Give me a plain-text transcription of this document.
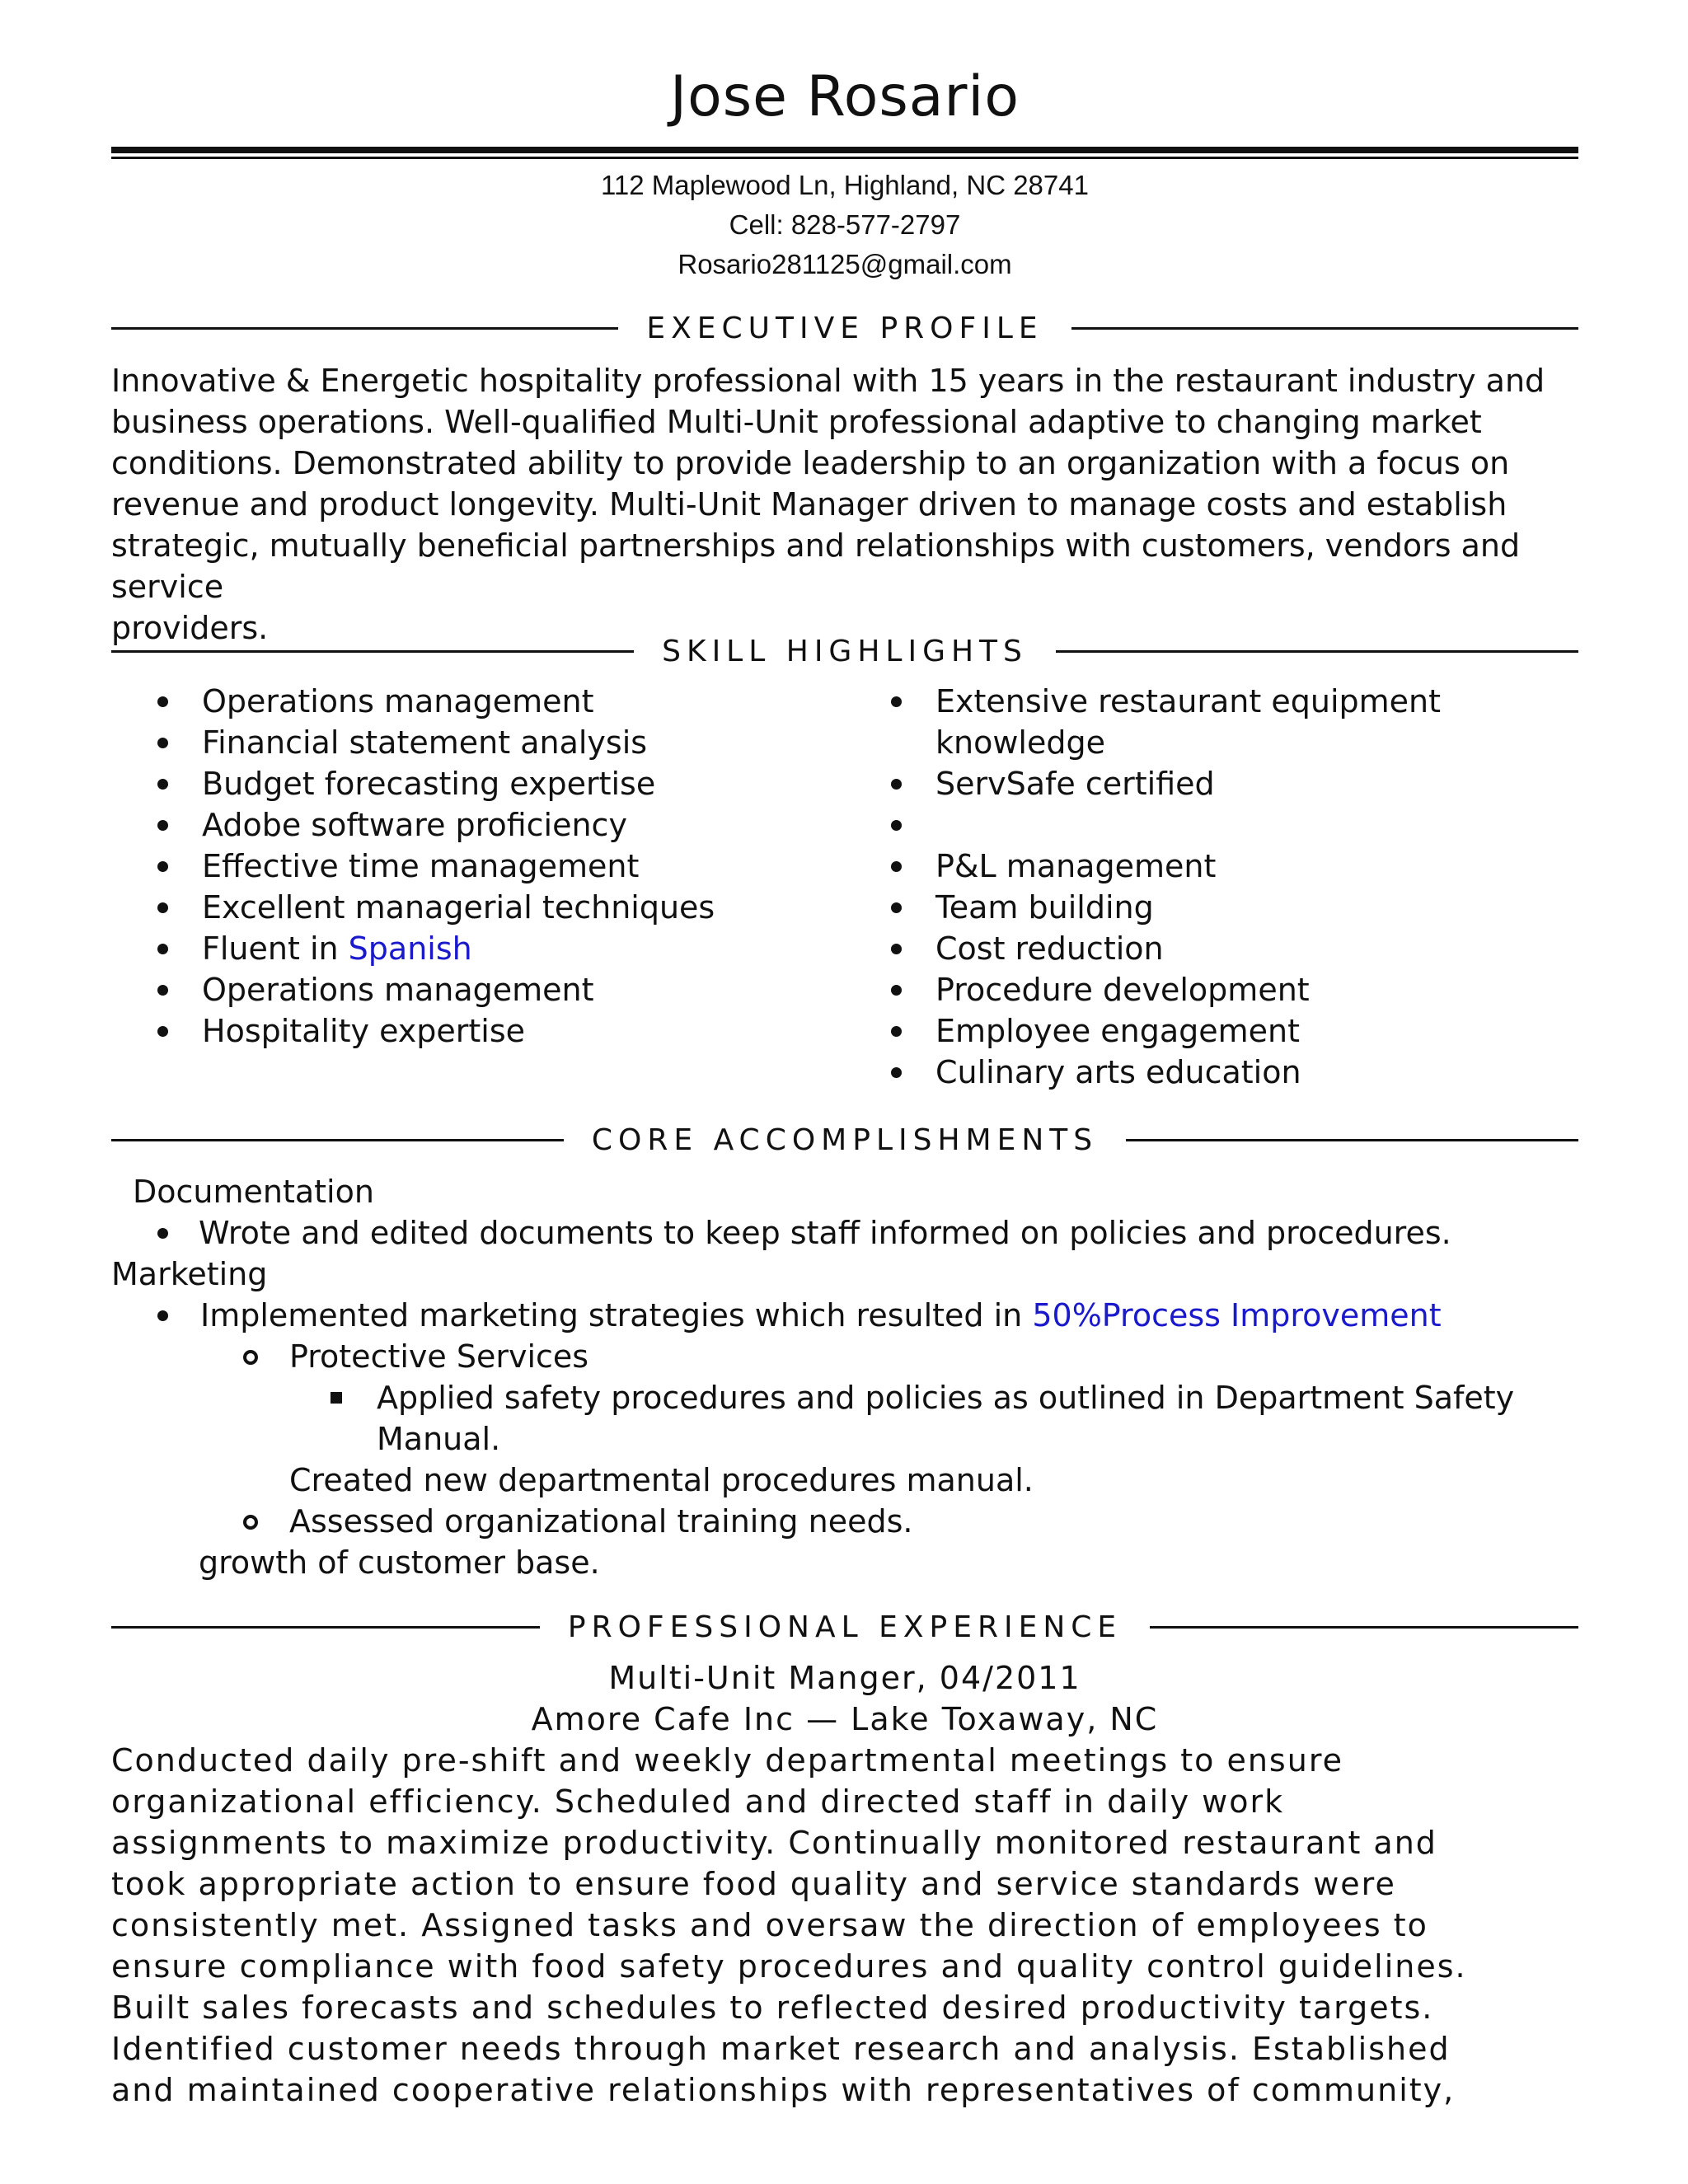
Jose Rosario
112 Maplewood Ln, Highland, NC 28741
Cell: 828-577-2797
Rosario281125@gmail.com
EXECUTIVE PROFILE
Innovative & Energetic hospitality professional with 15 years in the restaurant industry and
business operations. Well-qualified Multi-Unit professional adaptive to changing market
conditions. Demonstrated ability to provide leadership to an organization with a focus on
revenue and product longevity. Multi-Unit Manager driven to manage costs and establish
strategic, mutually beneficial partnerships and relationships with customers, vendors and service
providers.
SKILL HIGHLIGHTS
Operations management
Financial statement analysis
Budget forecasting expertise
Adobe software proficiency
Effective time management
Excellent managerial techniques
Fluent in Spanish
Operations management
Hospitality expertise
Extensive restaurant equipment
knowledge
ServSafe certified
P&L management
Team building
Cost reduction
Procedure development
Employee engagement
Culinary arts education
CORE ACCOMPLISHMENTS
Documentation
Wrote and edited documents to keep staff informed on policies and procedures.
Marketing
Implemented marketing strategies which resulted in 50%Process Improvement
Protective Services
Applied safety procedures and policies as outlined in Department Safety
Manual.
Created new departmental procedures manual.
Assessed organizational training needs.
growth of customer base.
PROFESSIONAL EXPERIENCE
Multi-Unit Manger, 04/2011
Amore Cafe Inc — Lake Toxaway, NC
Conducted daily pre-shift and weekly departmental meetings to ensure
organizational efficiency. Scheduled and directed staff in daily work
assignments to maximize productivity. Continually monitored restaurant and
took appropriate action to ensure food quality and service standards were
consistently met. Assigned tasks and oversaw the direction of employees to
ensure compliance with food safety procedures and quality control guidelines.
Built sales forecasts and schedules to reflected desired productivity targets.
Identified customer needs through market research and analysis. Established
and maintained cooperative relationships with representatives of community,
